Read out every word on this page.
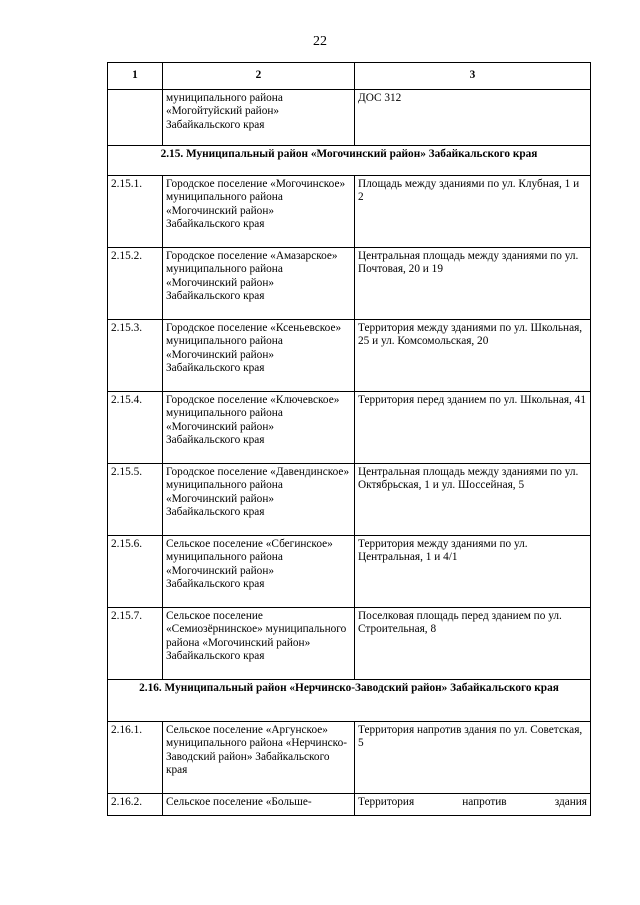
22
1	2	3
	муниципального района «Могойтуйский район» Забайкальского края	ДОС 312
2.15. Муниципальный район «Могочинский район» Забайкальского края		
2.15.1.	Городское поселение «Могочинское» муниципального района «Могочинский район» Забайкальского края	Площадь между зданиями по ул. Клубная, 1 и 2
2.15.2.	Городское поселение «Амазарское» муниципального района «Могочинский район» Забайкальского края	Центральная площадь между зданиями по ул. Почтовая, 20 и 19
2.15.3.	Городское поселение «Ксеньевское» муниципального района «Могочинский район» Забайкальского края	Территория между зданиями по ул. Школьная, 25 и ул. Комсомольская, 20
2.15.4.	Городское поселение «Ключевское» муниципального района «Могочинский район» Забайкальского края	Территория перед зданием по ул. Школьная, 41
2.15.5.	Городское поселение «Давендинское» муниципального района «Могочинский район» Забайкальского края	Центральная площадь между зданиями по ул. Октябрьская, 1 и ул. Шоссейная, 5
2.15.6.	Сельское поселение «Сбегинское» муниципального района «Могочинский район» Забайкальского края	Территория между зданиями по ул. Центральная, 1 и 4/1
2.15.7.	Сельское поселение «Семиозёрнинское» муниципального района «Могочинский район» Забайкальского края	Поселковая площадь перед зданием по ул. Строительная, 8
2.16. Муниципальный район «Нерчинско-Заводский район» Забайкальского края		
2.16.1.	Сельское поселение «Аргунское» муниципального района «Нерчинско-Заводский район» Забайкальского края	Территория напротив здания по ул. Советская, 5
2.16.2.	Сельское поселение «Больше-	Территория напротив здания
